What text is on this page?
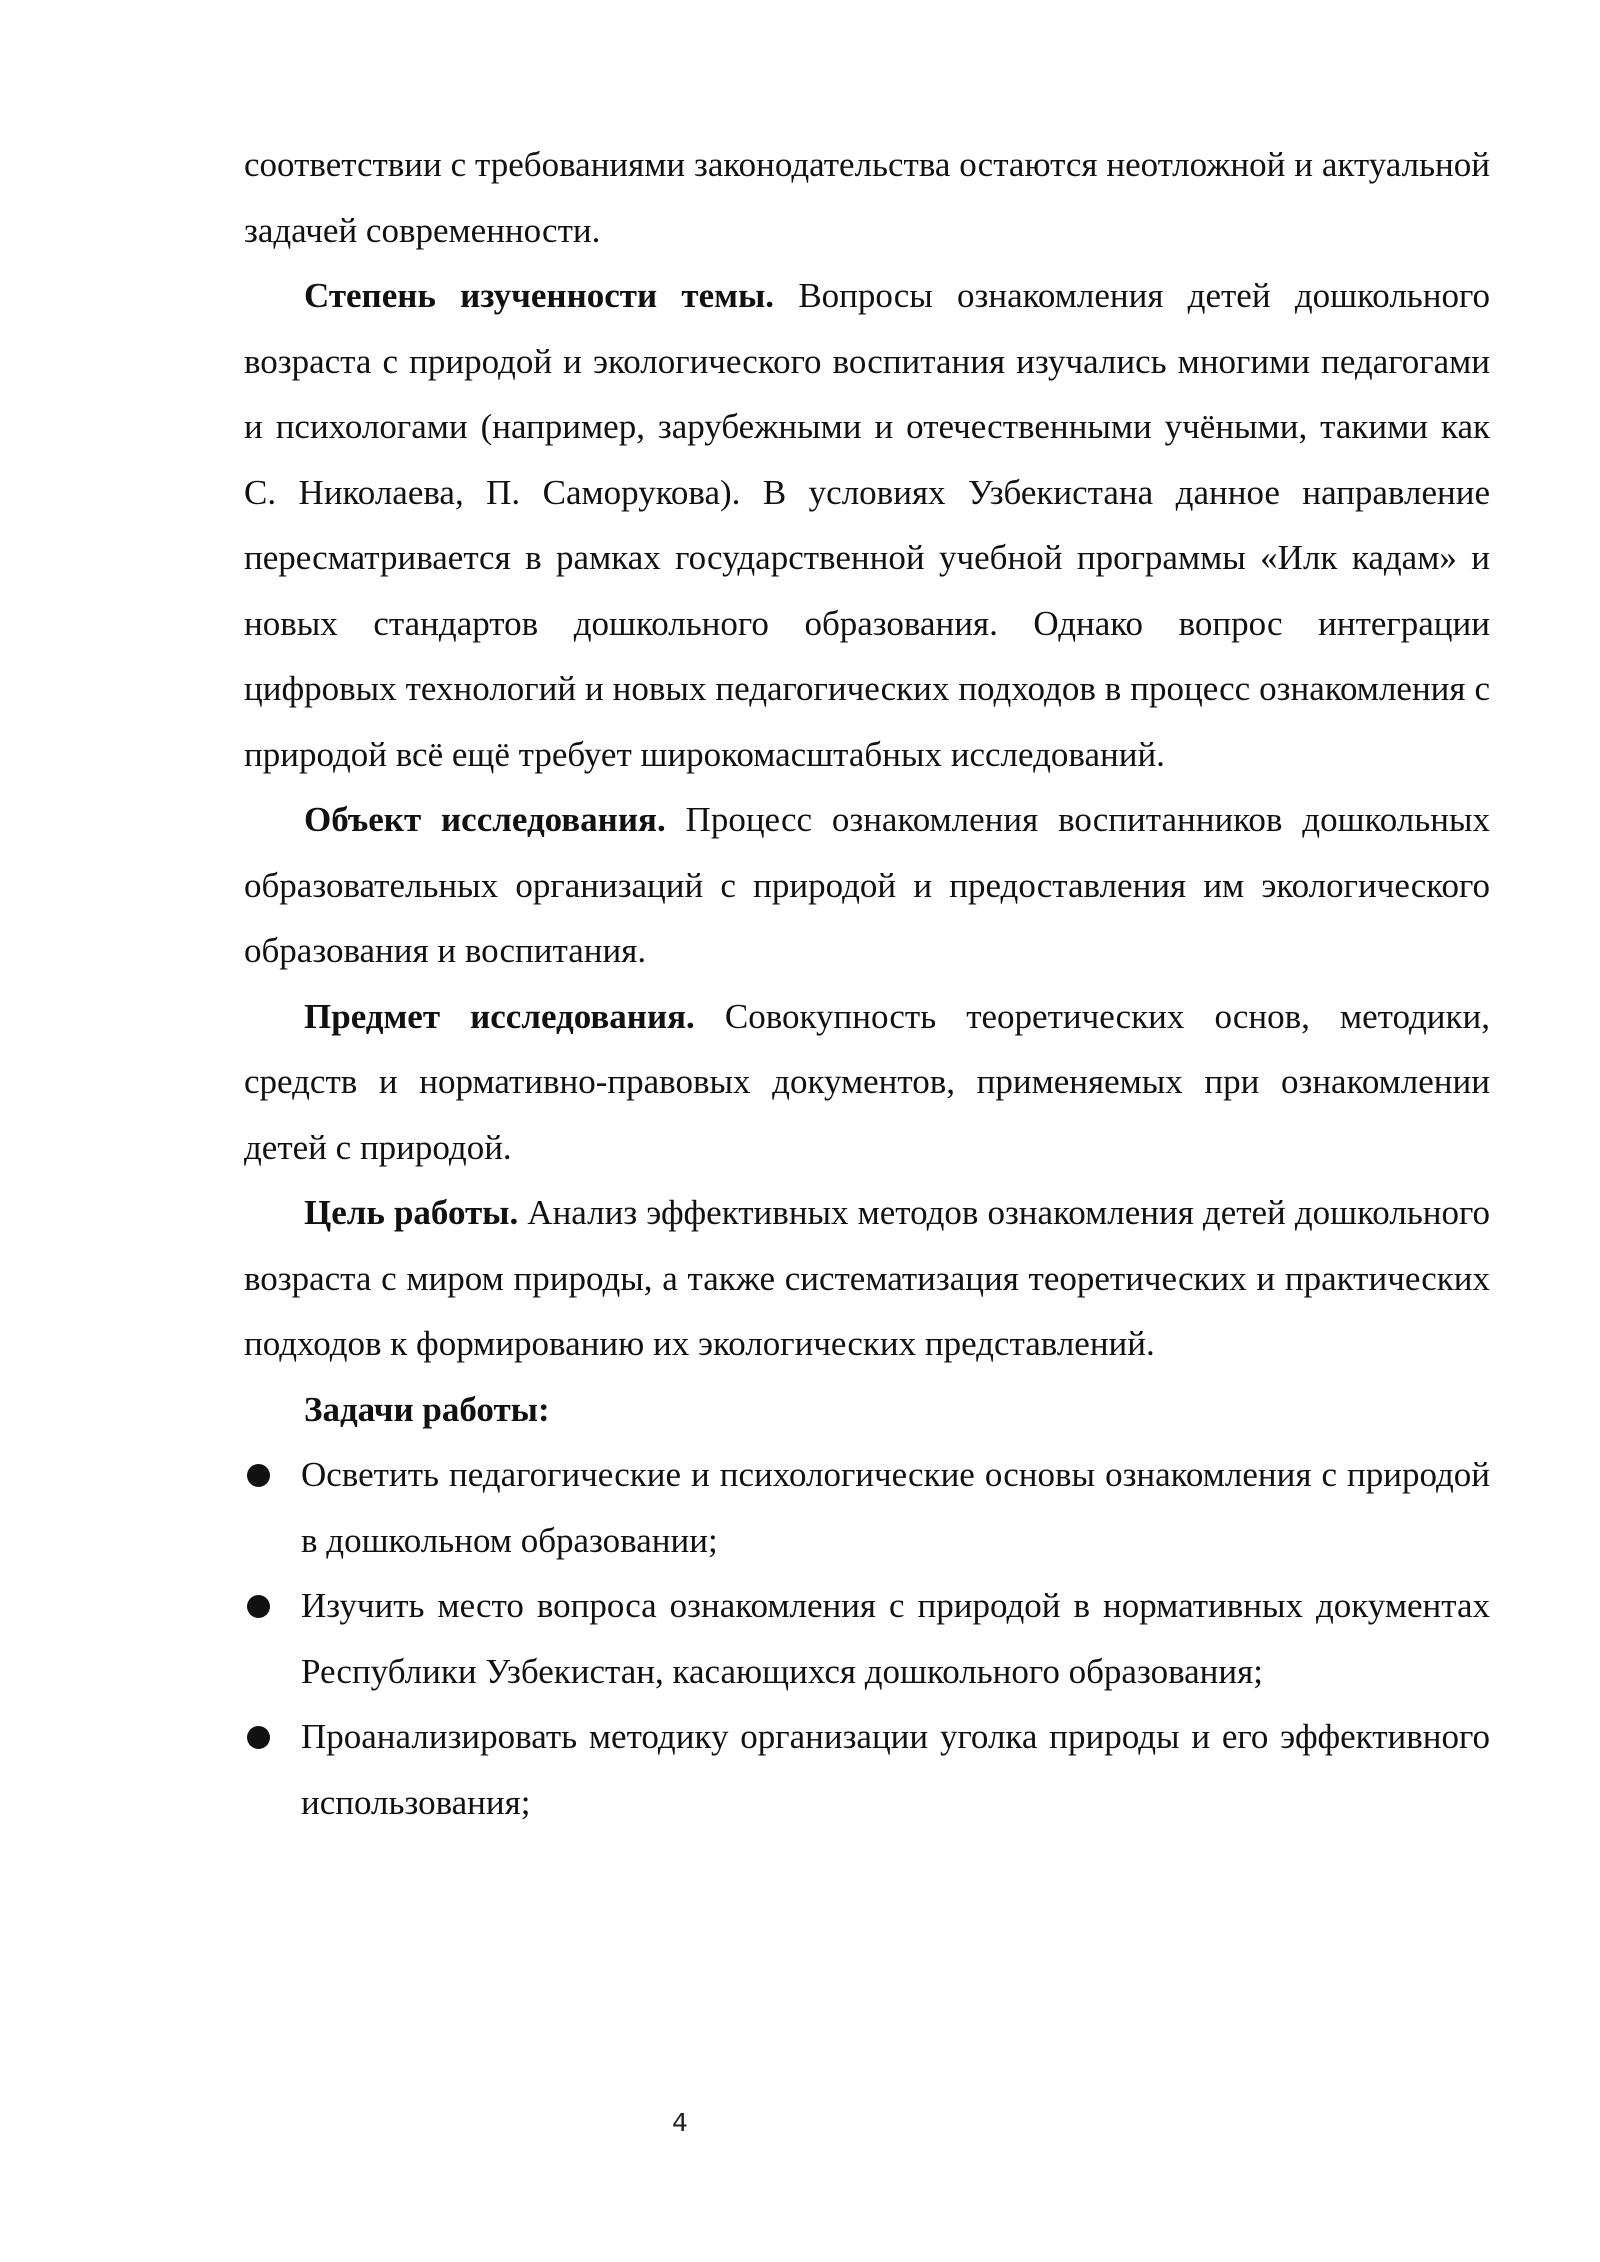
соответствии с требованиями законодательства остаются неотложной и актуальной задачей современности.

Степень изученности темы. Вопросы ознакомления детей дошкольного возраста с природой и экологического воспитания изучались многими педагогами и психологами (например, зарубежными и отечественными учёными, такими как С. Николаева, П. Саморукова). В условиях Узбекистана данное направление пересматривается в рамках государственной учебной программы «Илк кадам» и новых стандартов дошкольного образования. Однако вопрос интеграции цифровых технологий и новых педагогических подходов в процесс ознакомления с природой всё ещё требует широкомасштабных исследований.

Объект исследования. Процесс ознакомления воспитанников дошкольных образовательных организаций с природой и предоставления им экологического образования и воспитания.

Предмет исследования. Совокупность теоретических основ, методики, средств и нормативно-правовых документов, применяемых при ознакомлении детей с природой.

Цель работы. Анализ эффективных методов ознакомления детей дошкольного возраста с миром природы, а также систематизация теоретических и практических подходов к формированию их экологических представлений.

Задачи работы:

Осветить педагогические и психологические основы ознакомления с природой в дошкольном образовании;
Изучить место вопроса ознакомления с природой в нормативных документах Республики Узбекистан, касающихся дошкольного образования;
Проанализировать методику организации уголка природы и его эффективного использования;
4
